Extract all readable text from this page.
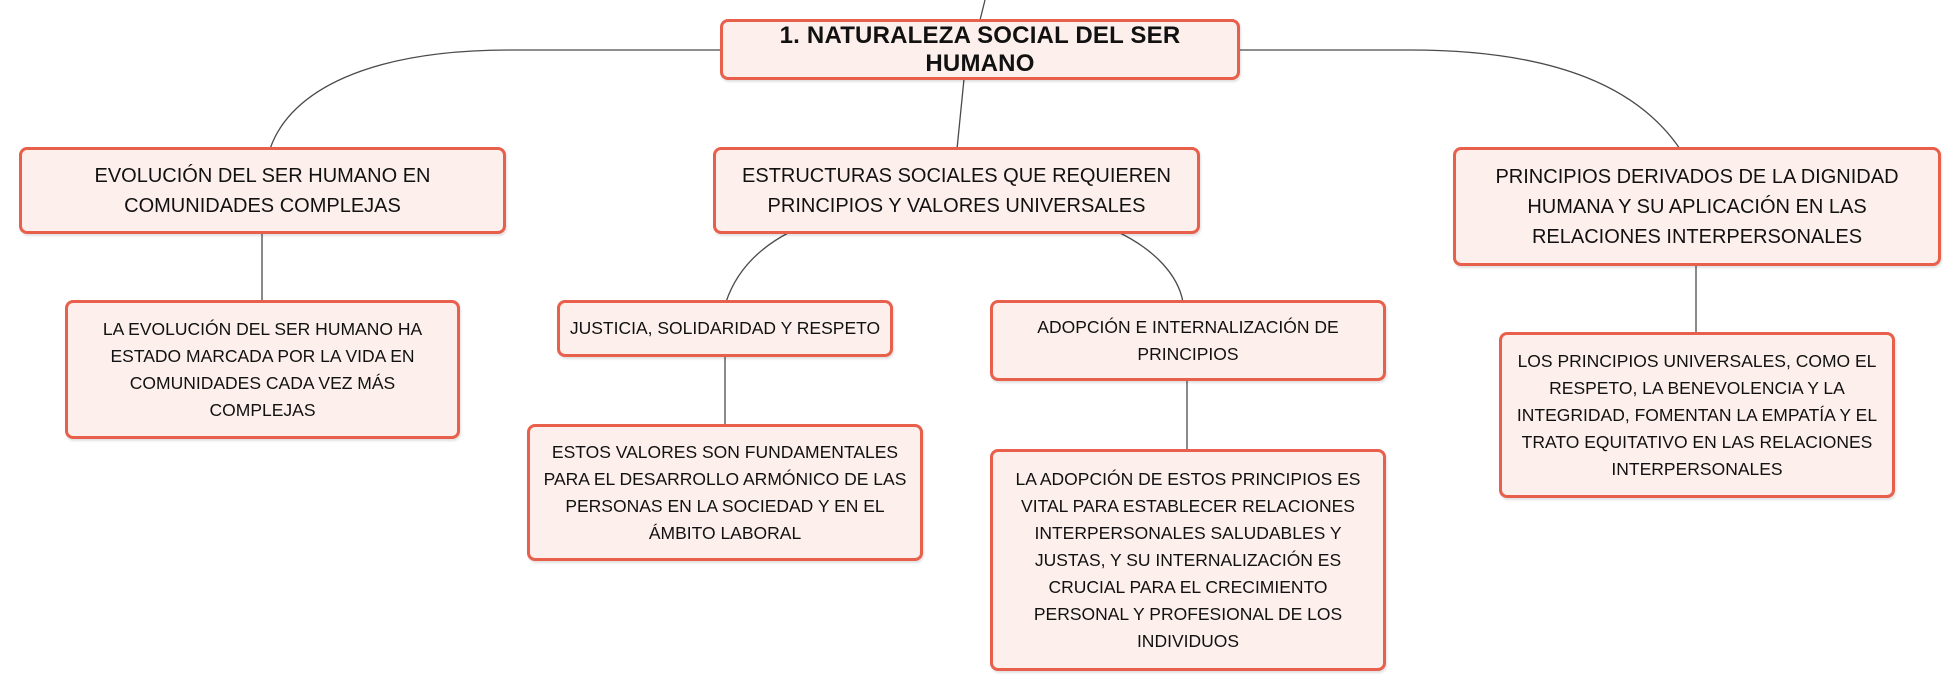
1. NATURALEZA SOCIAL DEL SER HUMANO
EVOLUCIÓN DEL SER HUMANO EN COMUNIDADES COMPLEJAS
ESTRUCTURAS SOCIALES QUE REQUIEREN PRINCIPIOS Y VALORES UNIVERSALES
PRINCIPIOS DERIVADOS DE LA DIGNIDAD HUMANA Y SU APLICACIÓN EN LAS RELACIONES INTERPERSONALES
LA EVOLUCIÓN DEL SER HUMANO HA ESTADO MARCADA POR LA VIDA EN COMUNIDADES CADA VEZ MÁS COMPLEJAS
JUSTICIA, SOLIDARIDAD Y RESPETO	ADOPCIÓN E INTERNALIZACIÓN DE PRINCIPIOS
ESTOS VALORES SON FUNDAMENTALES PARA EL DESARROLLO ARMÓNICO DE LAS PERSONAS EN LA SOCIEDAD Y EN EL ÁMBITO LABORAL
LA ADOPCIÓN DE ESTOS PRINCIPIOS ES VITAL PARA ESTABLECER RELACIONES INTERPERSONALES SALUDABLES Y JUSTAS, Y SU INTERNALIZACIÓN ES CRUCIAL PARA EL CRECIMIENTO PERSONAL Y PROFESIONAL DE LOS INDIVIDUOS
LOS PRINCIPIOS UNIVERSALES, COMO EL RESPETO, LA BENEVOLENCIA Y LA INTEGRIDAD, FOMENTAN LA EMPATÍA Y EL TRATO EQUITATIVO EN LAS RELACIONES INTERPERSONALES
